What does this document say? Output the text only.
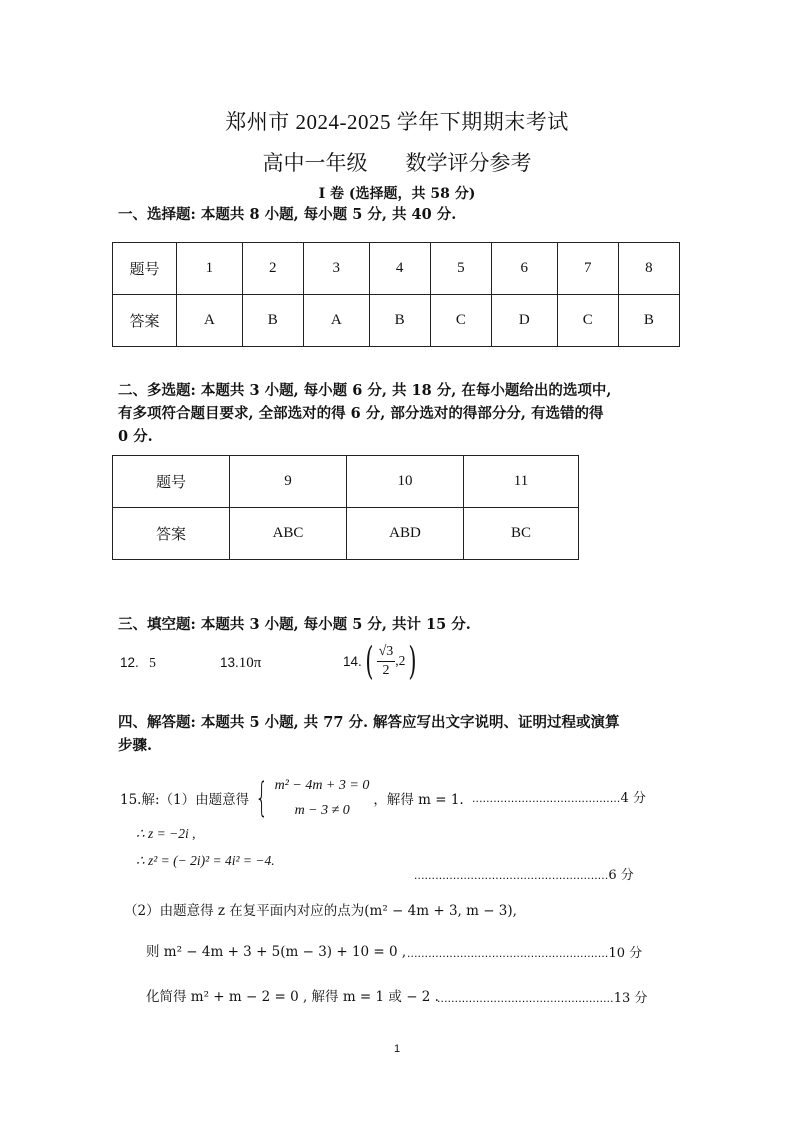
郑州市 2024-2025 学年下期期末考试
高中一年级 数学评分参考
I 卷 (选择题，共 58 分)
一、选择题: 本题共 8 小题, 每小题 5 分, 共 40 分.
题号	1	2	3	4	5	6	7	8
答案	A	B	A	B	C	D	C	B
二、多选题: 本题共 3 小题, 每小题 6 分, 共 18 分, 在每小题给出的选项中,
有多项符合题目要求, 全部选对的得 6 分, 部分选对的得部分分, 有选错的得
0 分.
题号	9	10	11
答案	ABC	ABD	BC
三、填空题: 本题共 3 小题, 每小题 5 分, 共计 15 分.
12. 5	13.10π	14. ( $\frac{√3}{2} ,2$ )
四、解答题: 本题共 5 小题, 共 77 分. 解答应写出文字说明、证明过程或演算
步骤.
15.解:（1）由题意得 { m² − 4m + 3 = 0
m − 3 ≠ 0
，解得 m = 1. ..........................................4 分
∴ z = −2i ,
∴ z² = (− 2i)² = 4i² = −4.
.......................................................6 分
（2）由题意得 z 在复平面内对应的点为(m² − 4m + 3, m − 3),
则 m² − 4m + 3 + 5(m − 3) + 10 = 0 , .........................................................10 分
化简得 m² + m − 2 = 0 , 解得 m = 1 或 − 2 .
..................................................13 分
1
